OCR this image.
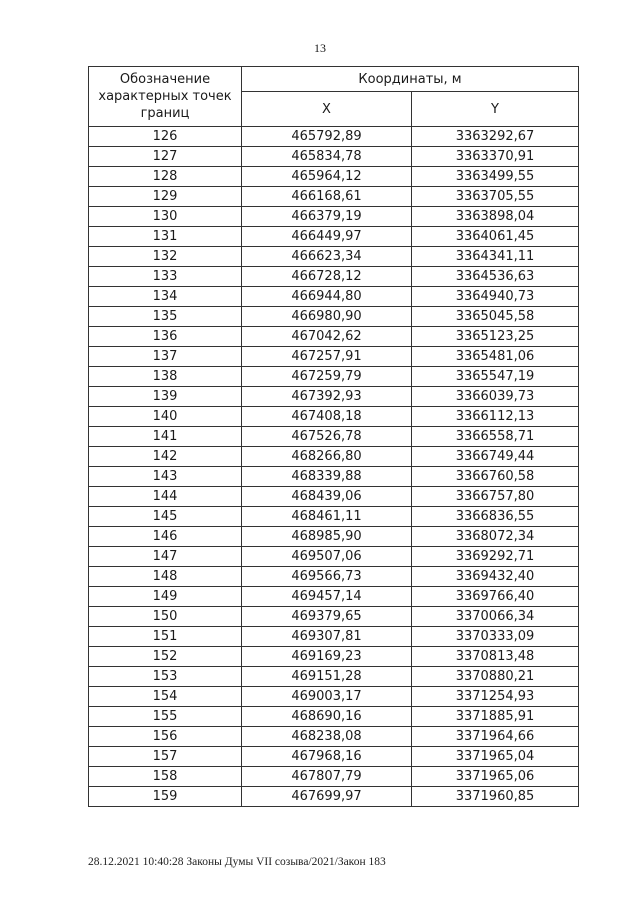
13
Обозначение характерных точек границ	Координаты, м	
	X	Y
126	465792,89	3363292,67
127	465834,78	3363370,91
128	465964,12	3363499,55
129	466168,61	3363705,55
130	466379,19	3363898,04
131	466449,97	3364061,45
132	466623,34	3364341,11
133	466728,12	3364536,63
134	466944,80	3364940,73
135	466980,90	3365045,58
136	467042,62	3365123,25
137	467257,91	3365481,06
138	467259,79	3365547,19
139	467392,93	3366039,73
140	467408,18	3366112,13
141	467526,78	3366558,71
142	468266,80	3366749,44
143	468339,88	3366760,58
144	468439,06	3366757,80
145	468461,11	3366836,55
146	468985,90	3368072,34
147	469507,06	3369292,71
148	469566,73	3369432,40
149	469457,14	3369766,40
150	469379,65	3370066,34
151	469307,81	3370333,09
152	469169,23	3370813,48
153	469151,28	3370880,21
154	469003,17	3371254,93
155	468690,16	3371885,91
156	468238,08	3371964,66
157	467968,16	3371965,04
158	467807,79	3371965,06
159	467699,97	3371960,85
28.12.2021 10:40:28 Законы Думы VII созыва/2021/Закон 183
